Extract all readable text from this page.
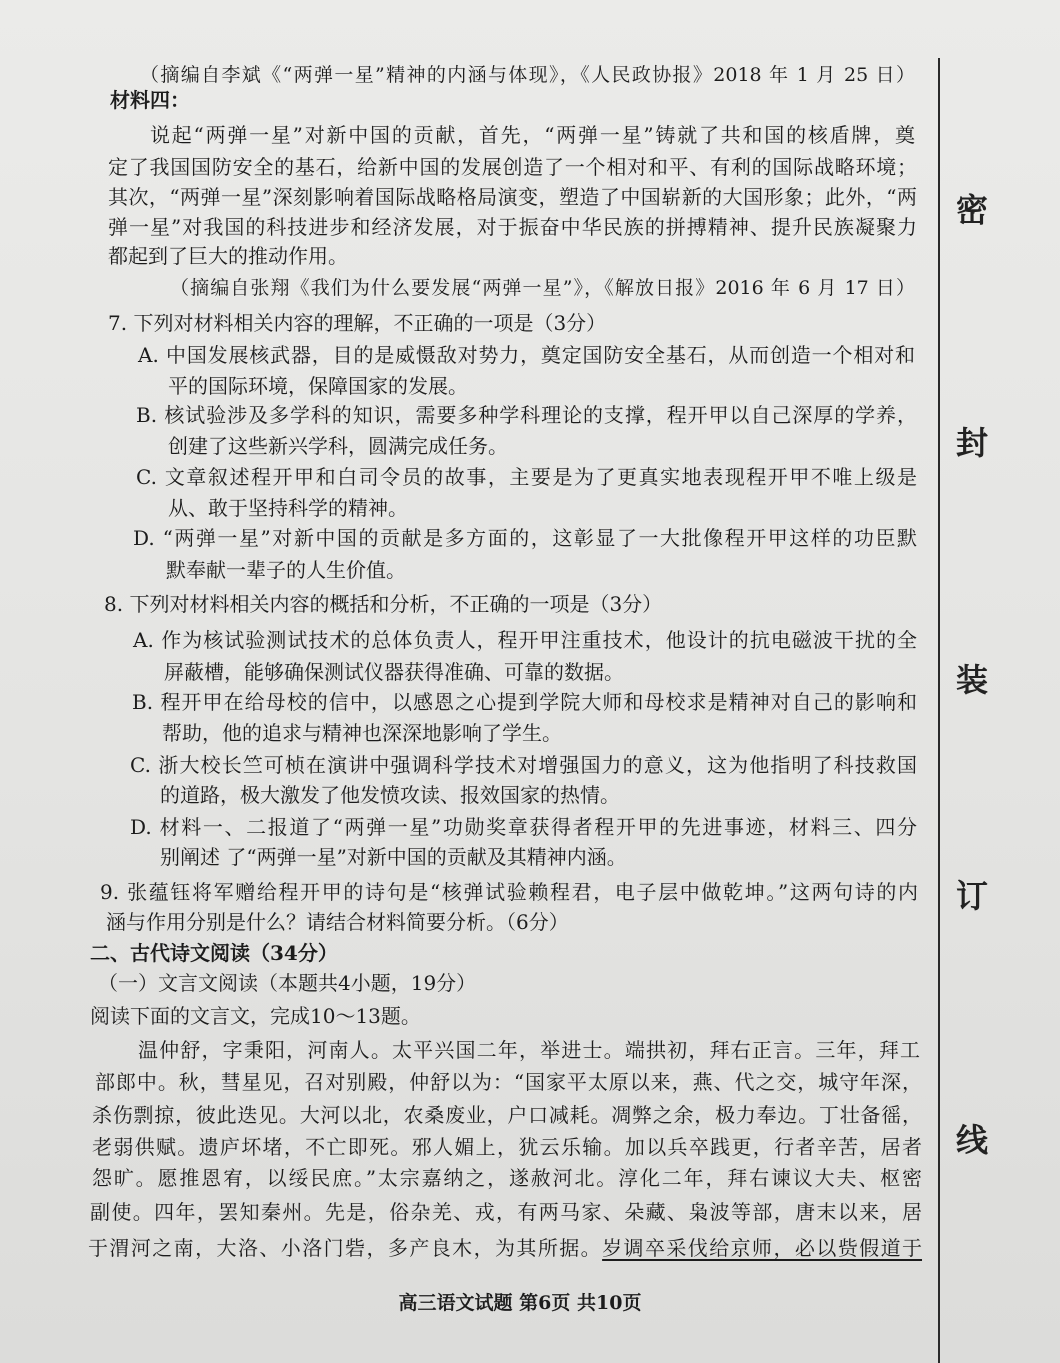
（摘编自李斌《“两弹一星”精神的内涵与体现》，《人民政协报》2018 年 1 月 25 日）
材料四：
说起“两弹一星”对新中国的贡献，首先，“两弹一星”铸就了共和国的核盾牌，奠
定了我国国防安全的基石，给新中国的发展创造了一个相对和平、有利的国际战略环境；
其次，“两弹一星”深刻影响着国际战略格局演变，塑造了中国崭新的大国形象；此外，“两
弹一星”对我国的科技进步和经济发展，对于振奋中华民族的拼搏精神、提升民族凝聚力
都起到了巨大的推动作用。
（摘编自张翔《我们为什么要发展“两弹一星”》，《解放日报》2016 年 6 月 17 日）
7. 下列对材料相关内容的理解，不正确的一项是（3分）
A. 中国发展核武器，目的是威慑敌对势力，奠定国防安全基石，从而创造一个相对和
平的国际环境，保障国家的发展。
B. 核试验涉及多学科的知识，需要多种学科理论的支撑，程开甲以自己深厚的学养，
创建了这些新兴学科，圆满完成任务。
C. 文章叙述程开甲和白司令员的故事，主要是为了更真实地表现程开甲不唯上级是
从、敢于坚持科学的精神。
D. “两弹一星”对新中国的贡献是多方面的，这彰显了一大批像程开甲这样的功臣默
默奉献一辈子的人生价值。
8. 下列对材料相关内容的概括和分析，不正确的一项是（3分）
A. 作为核试验测试技术的总体负责人，程开甲注重技术，他设计的抗电磁波干扰的全
屏蔽槽，能够确保测试仪器获得准确、可靠的数据。
B. 程开甲在给母校的信中，以感恩之心提到学院大师和母校求是精神对自己的影响和
帮助，他的追求与精神也深深地影响了学生。
C. 浙大校长竺可桢在演讲中强调科学技术对增强国力的意义，这为他指明了科技救国
的道路，极大激发了他发愤攻读、报效国家的热情。
D. 材料一、二报道了“两弹一星”功勋奖章获得者程开甲的先进事迹，材料三、四分
别阐述 了“两弹一星”对新中国的贡献及其精神内涵。
9. 张蕴钰将军赠给程开甲的诗句是“核弹试验赖程君，电子层中做乾坤。”这两句诗的内
涵与作用分别是什么？请结合材料简要分析。（6分）
二、古代诗文阅读（34分）
（一）文言文阅读（本题共4小题，19分）
阅读下面的文言文，完成10～13题。
温仲舒，字秉阳，河南人。太平兴国二年，举进士。端拱初，拜右正言。三年，拜工
部郎中。秋，彗星见，召对别殿，仲舒以为：“国家平太原以来，燕、代之交，城守年深，
杀伤剽掠，彼此迭见。大河以北，农桑废业，户口减耗。凋弊之余，极力奉边。丁壮备徭，
老弱供赋。遗庐坏堵，不亡即死。邪人媚上，犹云乐输。加以兵卒践更，行者辛苦，居者
怨旷。愿推恩宥，以绥民庶。”太宗嘉纳之，遂赦河北。淳化二年，拜右谏议大夫、枢密
副使。四年，罢知秦州。先是，俗杂羌、戎，有两马家、朵藏、枭波等部，唐末以来，居
于渭河之南，大洛、小洛门砦，多产良木，为其所据。岁调卒采伐给京师，必以赀假道于
密
封
装
订
线
高三语文试题 第6页 共10页
